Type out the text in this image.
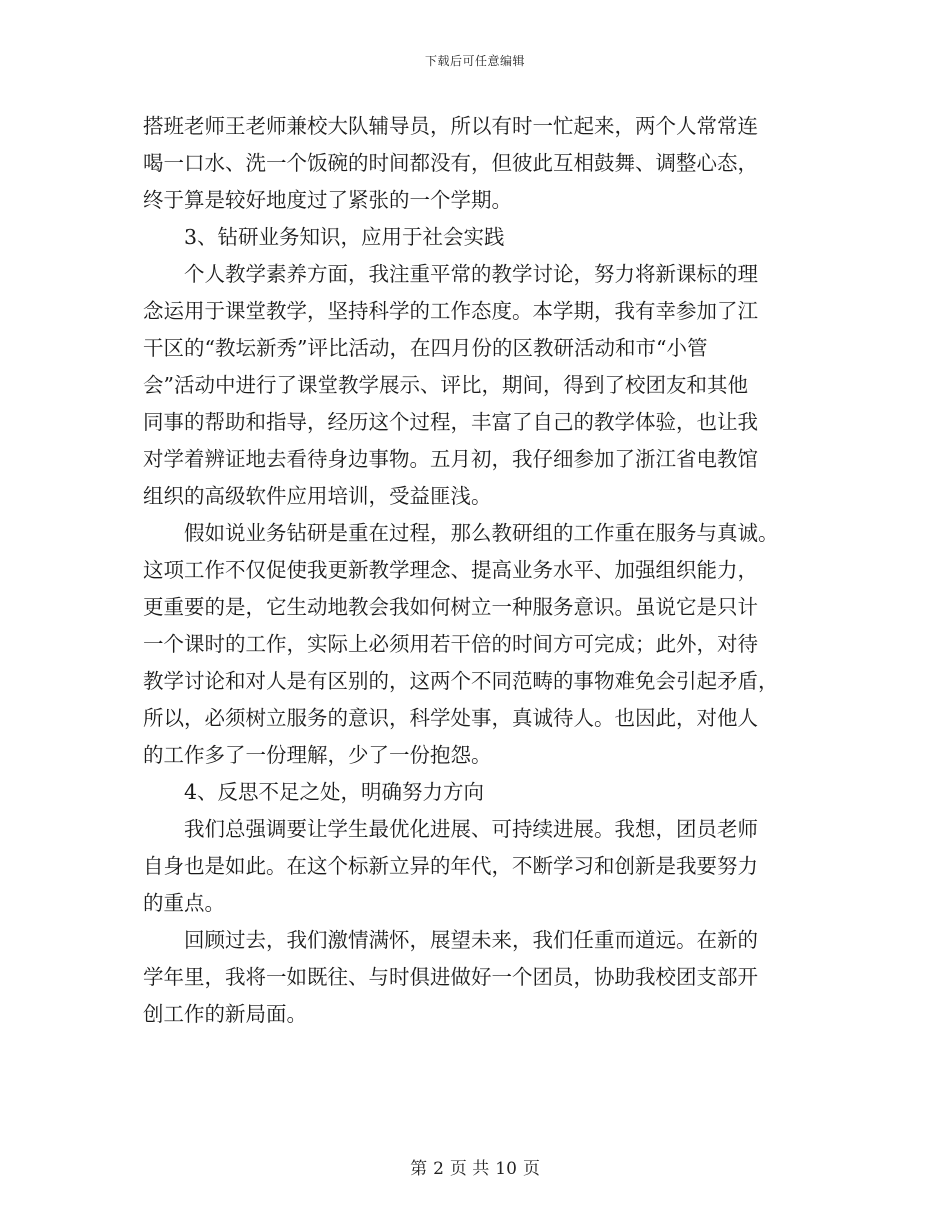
下载后可任意编辑
搭班老师王老师兼校大队辅导员，所以有时一忙起来，两个人常常连
喝一口水、洗一个饭碗的时间都没有，但彼此互相鼓舞、调整心态，
终于算是较好地度过了紧张的一个学期。
3、钻研业务知识，应用于社会实践
个人教学素养方面，我注重平常的教学讨论，努力将新课标的理
念运用于课堂教学，坚持科学的工作态度。本学期，我有幸参加了江
干区的“教坛新秀”评比活动，在四月份的区教研活动和市“小管
会”活动中进行了课堂教学展示、评比，期间，得到了校团友和其他
同事的帮助和指导，经历这个过程，丰富了自己的教学体验，也让我
对学着辨证地去看待身边事物。五月初，我仔细参加了浙江省电教馆
组织的高级软件应用培训，受益匪浅。
假如说业务钻研是重在过程，那么教研组的工作重在服务与真诚。
这项工作不仅促使我更新教学理念、提高业务水平、加强组织能力，
更重要的是，它生动地教会我如何树立一种服务意识。虽说它是只计
一个课时的工作，实际上必须用若干倍的时间方可完成；此外，对待
教学讨论和对人是有区别的，这两个不同范畴的事物难免会引起矛盾，
所以，必须树立服务的意识，科学处事，真诚待人。也因此，对他人
的工作多了一份理解，少了一份抱怨。
4、反思不足之处，明确努力方向
我们总强调要让学生最优化进展、可持续进展。我想，团员老师
自身也是如此。在这个标新立异的年代，不断学习和创新是我要努力
的重点。
回顾过去，我们激情满怀，展望未来，我们任重而道远。在新的
学年里，我将一如既往、与时俱进做好一个团员，协助我校团支部开
创工作的新局面。
第 2 页 共 10 页
